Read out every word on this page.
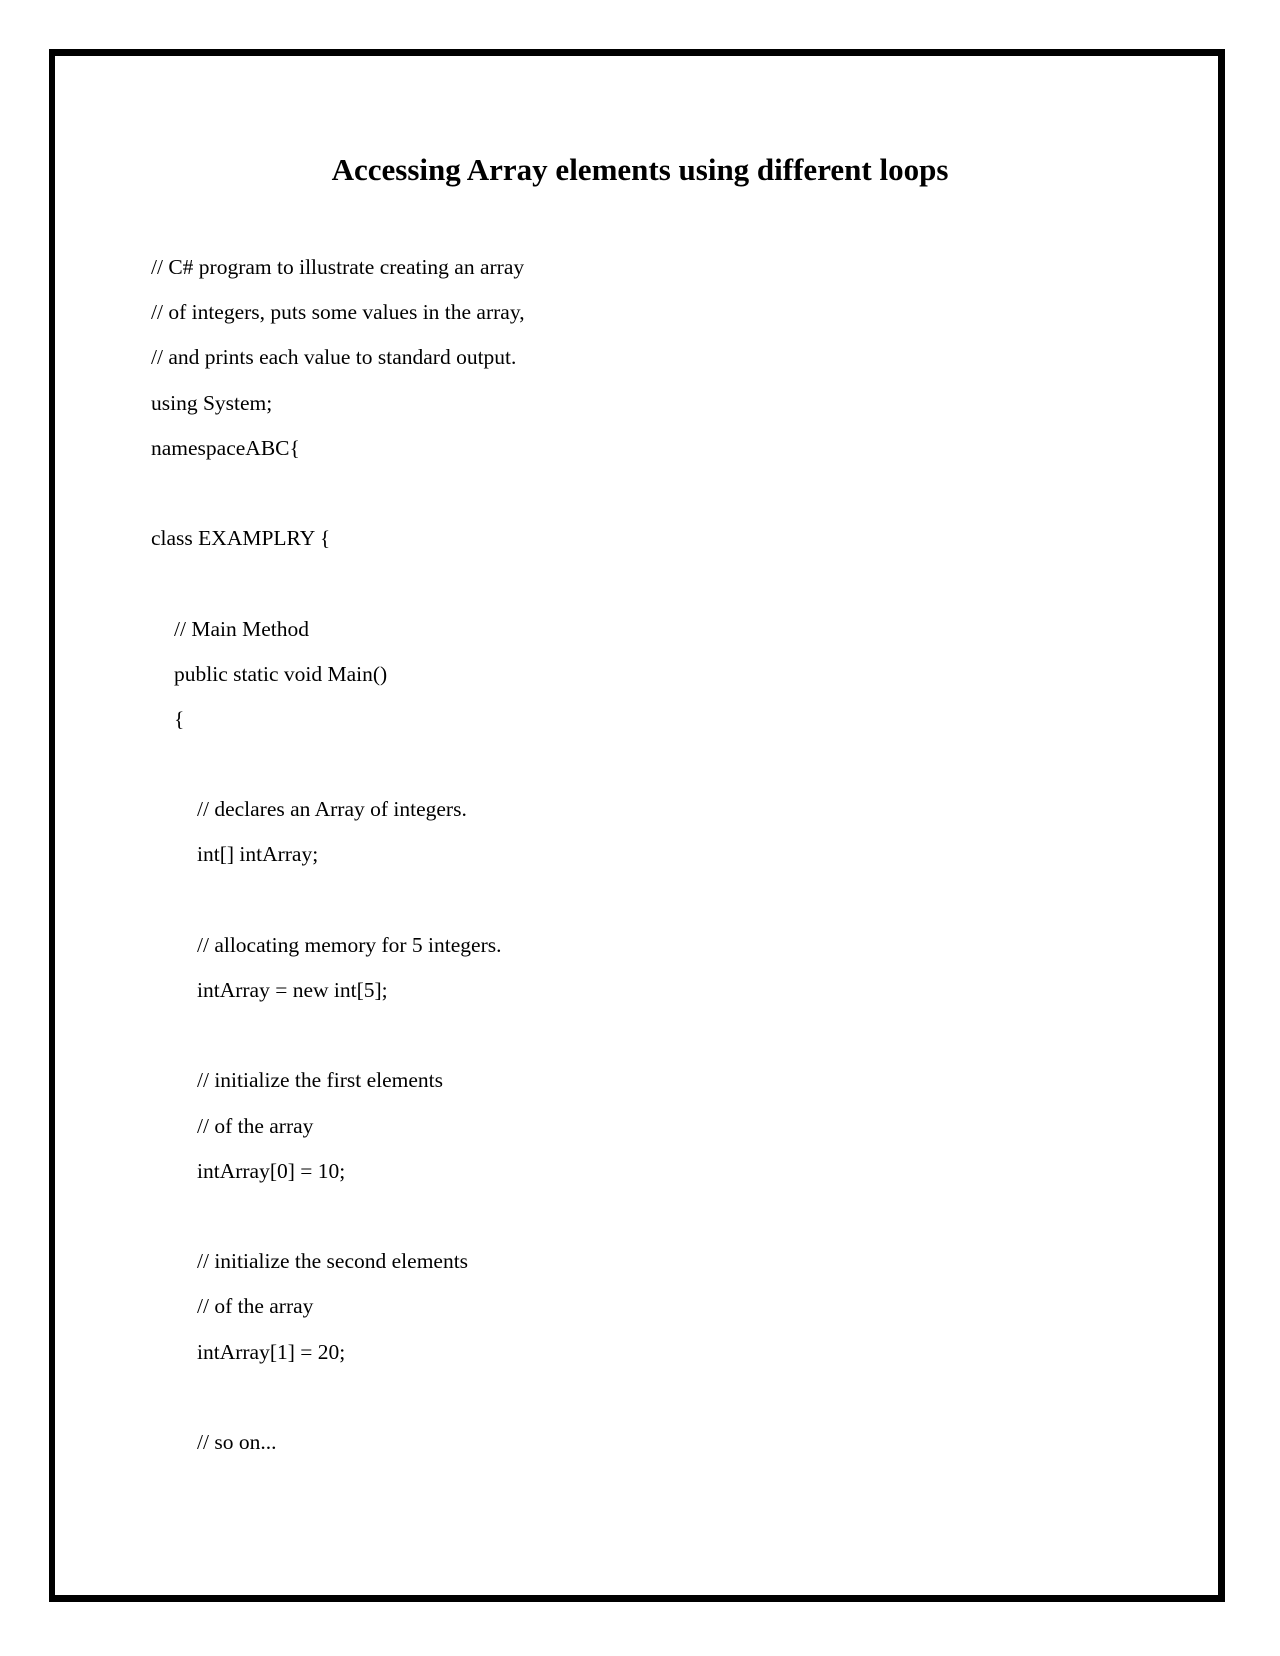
Accessing Array elements using different loops
// C# program to illustrate creating an array
// of integers, puts some values in the array,
// and prints each value to standard output.
using System;
namespaceABC{
class EXAMPLRY {
// Main Method
public static void Main()
{
// declares an Array of integers.
int[] intArray;
// allocating memory for 5 integers.
intArray = new int[5];
// initialize the first elements
// of the array
intArray[0] = 10;
// initialize the second elements
// of the array
intArray[1] = 20;
// so on...
